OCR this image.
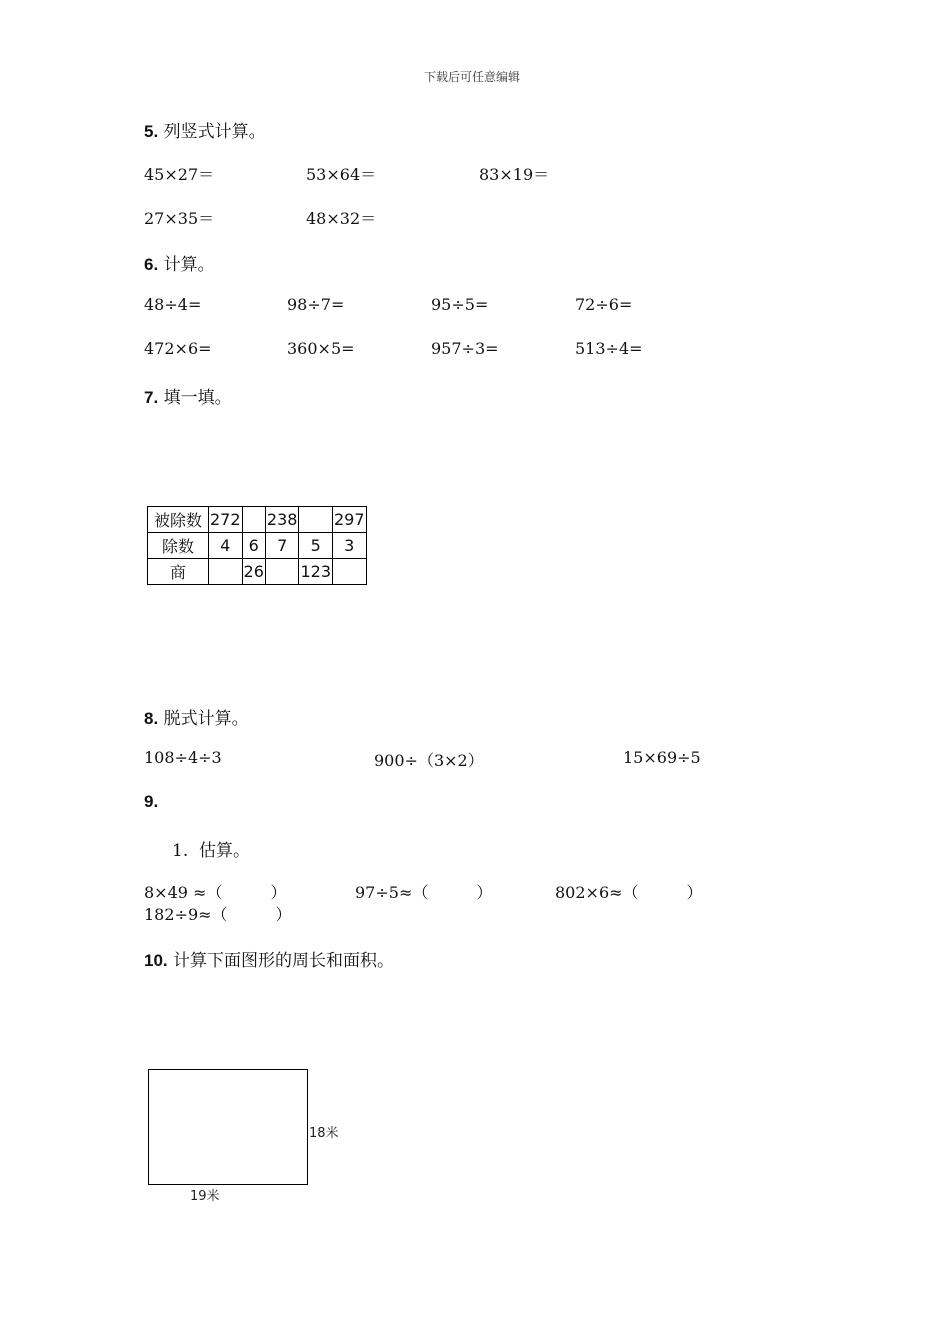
下载后可任意编辑
5. 列竖式计算。
45×27＝	53×64＝	83×19＝
27×35＝	48×32＝
6. 计算。
48÷4=	98÷7=	95÷5=	72÷6=
472×6=	360×5=	957÷3=	513÷4=
7. 填一填。
被除数	272		238		297
除数	4	6	7	5	3
商		26		123	
8. 脱式计算。
108÷4÷3	900÷（3×2）	15×69÷5
9.
1. 估算。
8×49 ≈（　　　）	97÷5≈（　　　）	802×6≈（　　　）
182÷9≈（　　　）
10. 计算下面图形的周长和面积。
18米
19米
